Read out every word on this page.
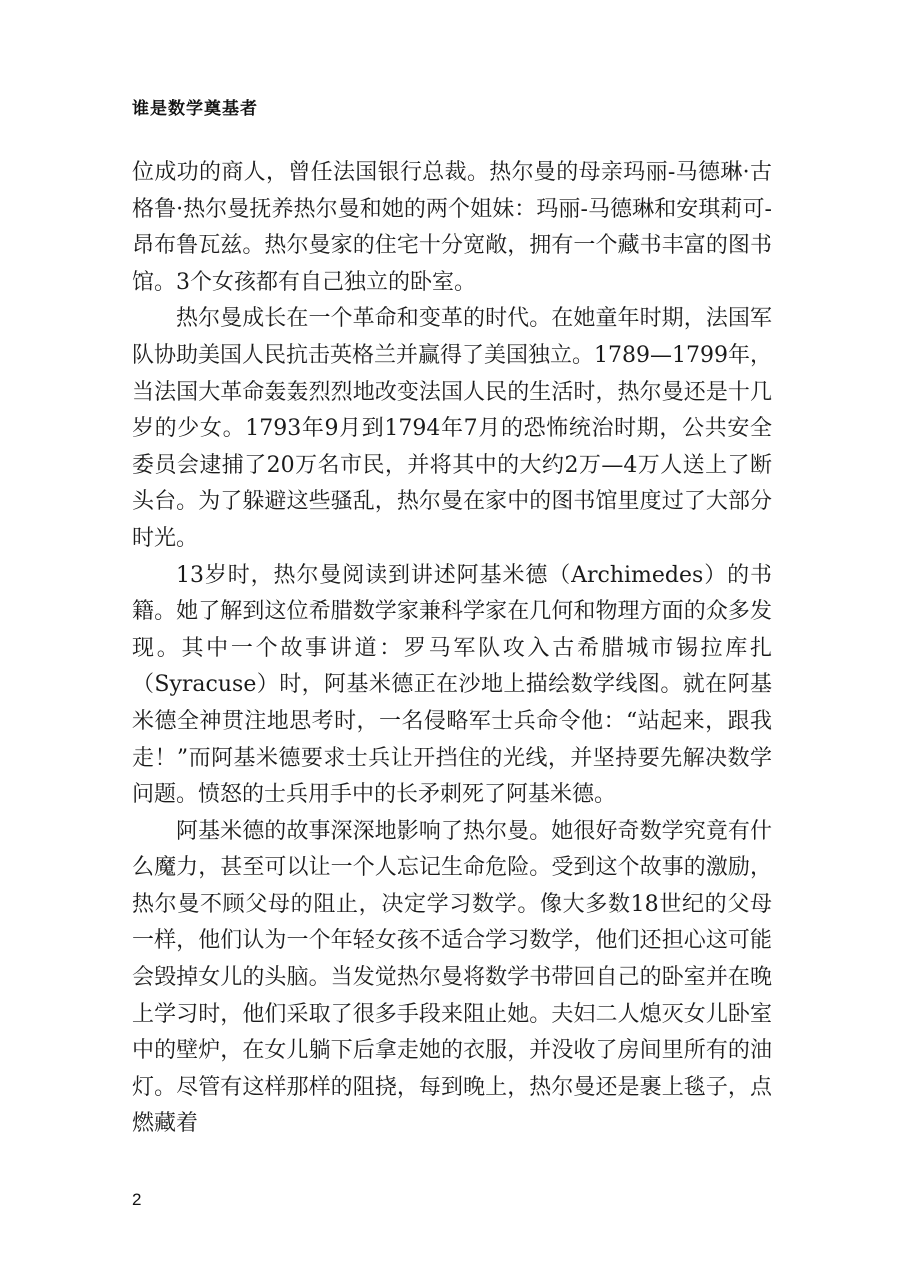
谁是数学奠基者

位成功的商人，曾任法国银行总裁。热尔曼的母亲玛丽-马德琳·古格鲁·热尔曼抚养热尔曼和她的两个姐妹：玛丽-马德琳和安琪莉可-昂布鲁瓦兹。热尔曼家的住宅十分宽敞，拥有一个藏书丰富的图书馆。3个女孩都有自己独立的卧室。

热尔曼成长在一个革命和变革的时代。在她童年时期，法国军队协助美国人民抗击英格兰并赢得了美国独立。1789—1799年，当法国大革命轰轰烈烈地改变法国人民的生活时，热尔曼还是十几岁的少女。1793年9月到1794年7月的恐怖统治时期，公共安全委员会逮捕了20万名市民，并将其中的大约2万—4万人送上了断头台。为了躲避这些骚乱，热尔曼在家中的图书馆里度过了大部分时光。

13岁时，热尔曼阅读到讲述阿基米德（Archimedes）的书籍。她了解到这位希腊数学家兼科学家在几何和物理方面的众多发现。其中一个故事讲道：罗马军队攻入古希腊城市锡拉库扎（Syracuse）时，阿基米德正在沙地上描绘数学线图。就在阿基米德全神贯注地思考时，一名侵略军士兵命令他：“站起来，跟我走！”而阿基米德要求士兵让开挡住的光线，并坚持要先解决数学问题。愤怒的士兵用手中的长矛刺死了阿基米德。

阿基米德的故事深深地影响了热尔曼。她很好奇数学究竟有什么魔力，甚至可以让一个人忘记生命危险。受到这个故事的激励，热尔曼不顾父母的阻止，决定学习数学。像大多数18世纪的父母一样，他们认为一个年轻女孩不适合学习数学，他们还担心这可能会毁掉女儿的头脑。当发觉热尔曼将数学书带回自己的卧室并在晚上学习时，他们采取了很多手段来阻止她。夫妇二人熄灭女儿卧室中的壁炉，在女儿躺下后拿走她的衣服，并没收了房间里所有的油灯。尽管有这样那样的阻挠，每到晚上，热尔曼还是裹上毯子，点燃藏着

2
